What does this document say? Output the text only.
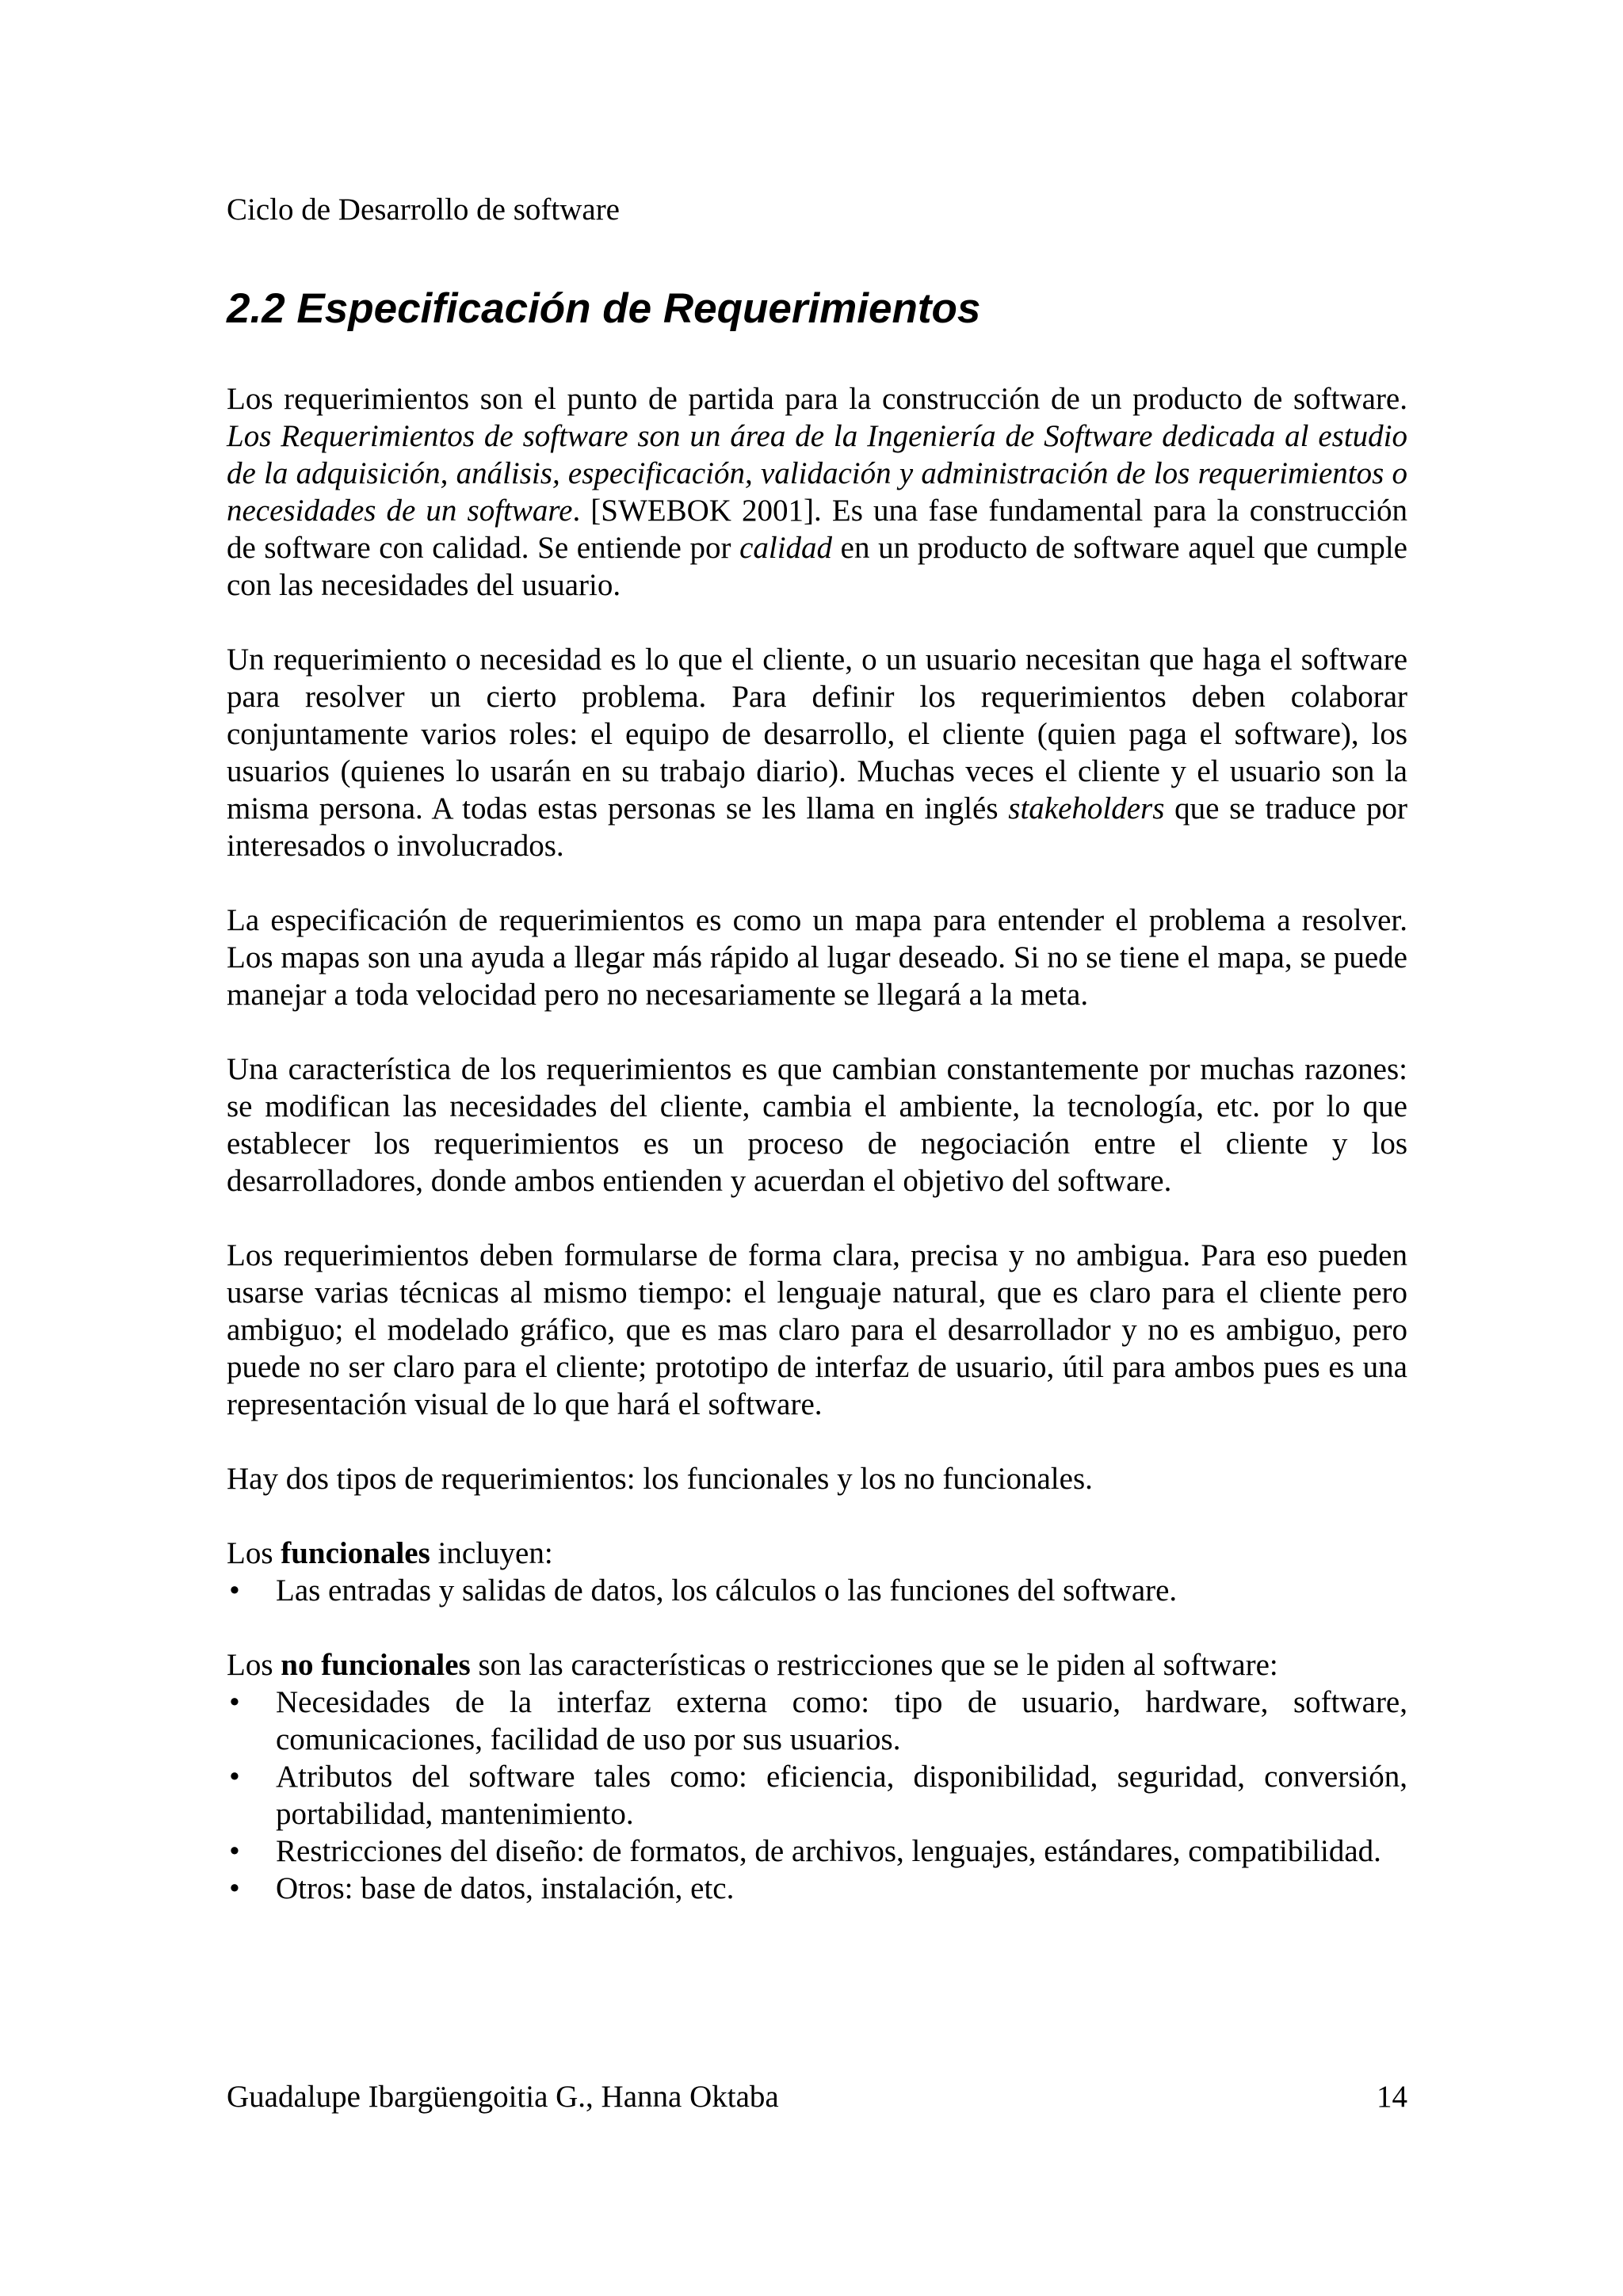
Ciclo de Desarrollo de software
2.2 Especificación de Requerimientos

Los requerimientos son el punto de partida para la construcción de un producto de software. Los Requerimientos de software son un área de la Ingeniería de Software dedicada al estudio de la adquisición, análisis, especificación, validación y administración de los requerimientos o necesidades de un software. [SWEBOK 2001]. Es una fase fundamental para la construcción de software con calidad. Se entiende por calidad en un producto de software aquel que cumple con las necesidades del usuario.

Un requerimiento o necesidad es lo que el cliente, o un usuario necesitan que haga el software para resolver un cierto problema. Para definir los requerimientos deben colaborar conjuntamente varios roles: el equipo de desarrollo, el cliente (quien paga el software), los usuarios (quienes lo usarán en su trabajo diario). Muchas veces el cliente y el usuario son la misma persona. A todas estas personas se les llama en inglés stakeholders que se traduce por interesados o involucrados.

La especificación de requerimientos es como un mapa para entender el problema a resolver. Los mapas son una ayuda a llegar más rápido al lugar deseado. Si no se tiene el mapa, se puede manejar a toda velocidad pero no necesariamente se llegará a la meta.

Una característica de los requerimientos es que cambian constantemente por muchas razones: se modifican las necesidades del cliente, cambia el ambiente, la tecnología, etc. por lo que establecer los requerimientos es un proceso de negociación entre el cliente y los desarrolladores, donde ambos entienden y acuerdan el objetivo del software.

Los requerimientos deben formularse de forma clara, precisa y no ambigua. Para eso pueden usarse varias técnicas al mismo tiempo: el lenguaje natural, que es claro para el cliente pero ambiguo; el modelado gráfico, que es mas claro para el desarrollador y no es ambiguo, pero puede no ser claro para el cliente; prototipo de interfaz de usuario, útil para ambos pues es una representación visual de lo que hará el software.

Hay dos tipos de requerimientos: los funcionales y los no funcionales.

Los funcionales incluyen:

• Las entradas y salidas de datos, los cálculos o las funciones del software.

Los no funcionales son las características o restricciones que se le piden al software:

• Necesidades de la interfaz externa como: tipo de usuario, hardware, software, comunicaciones, facilidad de uso por sus usuarios.
• Atributos del software tales como: eficiencia, disponibilidad, seguridad, conversión, portabilidad, mantenimiento.
• Restricciones del diseño: de formatos, de archivos, lenguajes, estándares, compatibilidad.
• Otros: base de datos, instalación, etc.
Guadalupe Ibargüengoitia G., Hanna Oktaba	14
